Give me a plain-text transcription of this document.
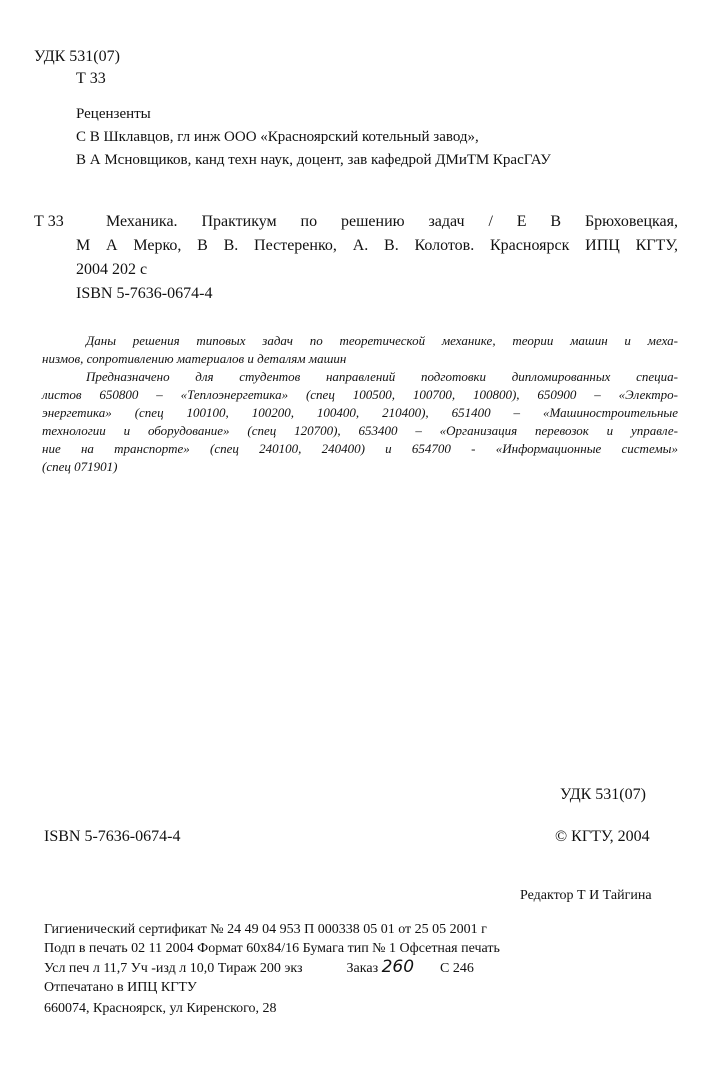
УДК 531(07)
Т 33
Рецензенты
С В Шклавцов, гл инж ООО «Красноярский котельный завод»,
В А Мсновщиков, канд техн наук, доцент, зав кафедрой ДМиТМ КрасГАУ
Т 33	Механика. Практикум по решению задач / Е В Брюховецкая,
М А Мерко, В В. Пестеренко, А. В. Колотов. Красноярск ИПЦ КГТУ,
2004 202 с
ISBN 5-7636-0674-4
Даны решения типовых задач по теоретической механике, теории машин и меха-
низмов, сопротивлению материалов и деталям машин
Предназначено для студентов направлений подготовки дипломированных специа-
листов 650800 – «Теплоэнергетика» (спец 100500, 100700, 100800), 650900 – «Электро-
энергетика» (спец 100100, 100200, 100400, 210400), 651400 – «Машиностроительные
технологии и оборудование» (спец 120700), 653400 – «Организация перевозок и управле-
ние на транспорте» (спец 240100, 240400) и 654700 - «Информационные системы»
(спец 071901)
УДК 531(07)
ISBN 5-7636-0674-4	© КГТУ, 2004
Редактор Т И Тайгина
Гигиенический сертификат № 24 49 04 953 П 000338 05 01 от 25 05 2001 г
Подп в печать 02 11 2004 Формат 60х84/16 Бумага тип № 1 Офсетная печать
Усл печ л 11,7 Уч -изд л 10,0 Тираж 200 экз	Заказ 260 С 246
Отпечатано в ИПЦ КГТУ
660074, Красноярск, ул Киренского, 28
